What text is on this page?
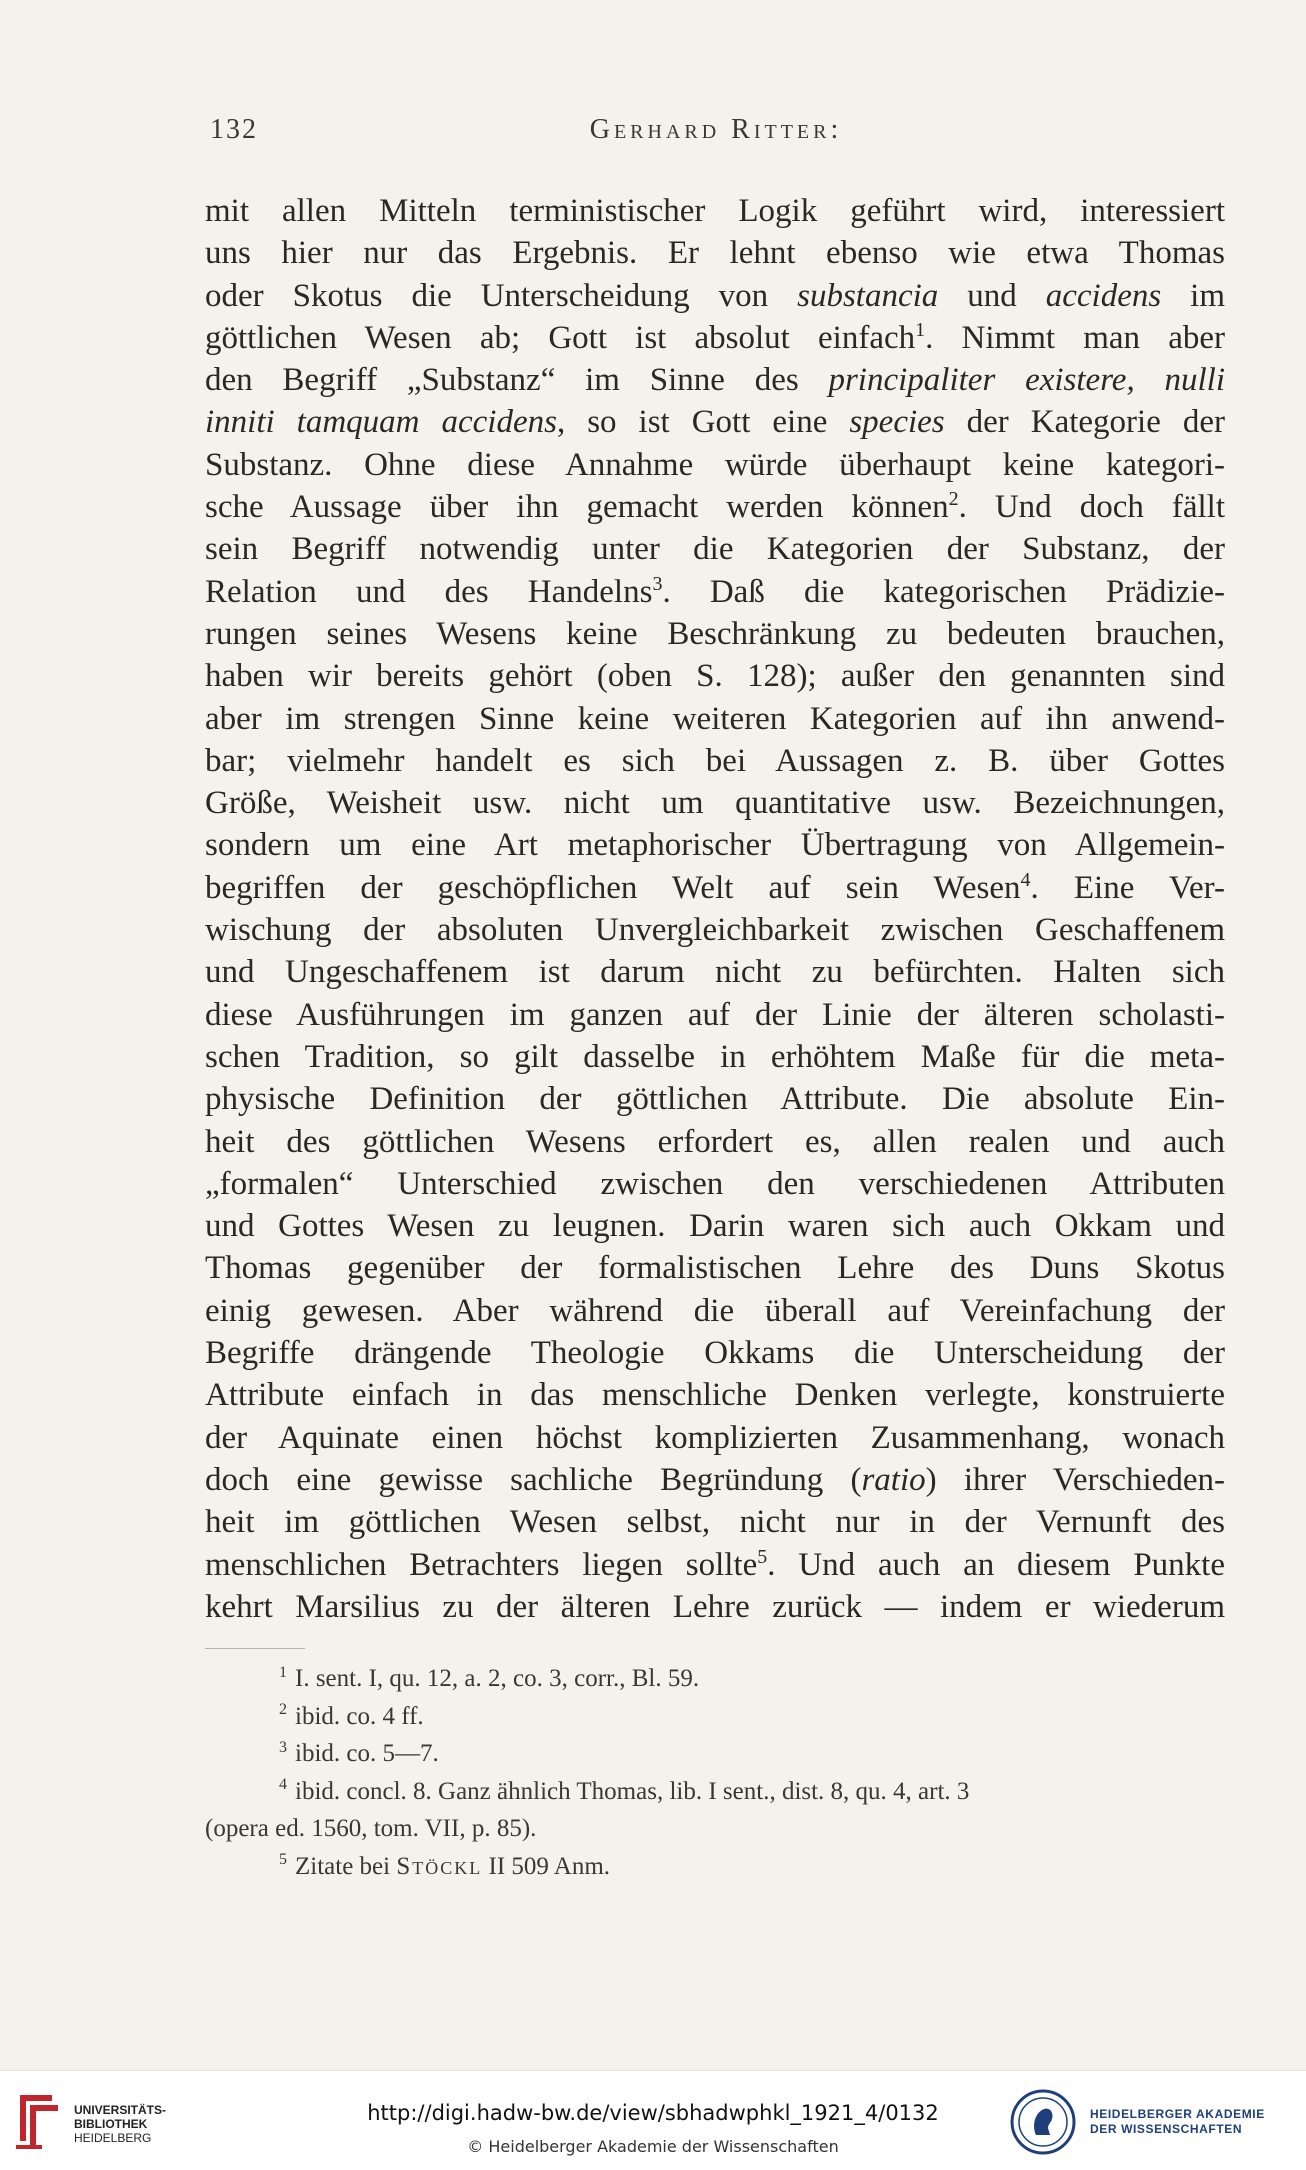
132	Gerhard Ritter:
mit allen Mitteln terministischer Logik geführt wird, interessiert
uns hier nur das Ergebnis. Er lehnt ebenso wie etwa Thomas
oder Skotus die Unterscheidung von substancia und accidens im
göttlichen Wesen ab; Gott ist absolut einfach$^1$. Nimmt man aber
den Begriff „Substanz“ im Sinne des principaliter existere, nulli
inniti tamquam accidens, so ist Gott eine species der Kategorie der
Substanz. Ohne diese Annahme würde überhaupt keine kategori-
sche Aussage über ihn gemacht werden können$^2$. Und doch fällt
sein Begriff notwendig unter die Kategorien der Substanz, der
Relation und des Handelns$^3$. Daß die kategorischen Prädizie-
rungen seines Wesens keine Beschränkung zu bedeuten brauchen,
haben wir bereits gehört (oben S. 128); außer den genannten sind
aber im strengen Sinne keine weiteren Kategorien auf ihn anwend-
bar; vielmehr handelt es sich bei Aussagen z. B. über Gottes
Größe, Weisheit usw. nicht um quantitative usw. Bezeichnungen,
sondern um eine Art metaphorischer Übertragung von Allgemein-
begriffen der geschöpflichen Welt auf sein Wesen$^4$. Eine Ver-
wischung der absoluten Unvergleichbarkeit zwischen Geschaffenem
und Ungeschaffenem ist darum nicht zu befürchten. Halten sich
diese Ausführungen im ganzen auf der Linie der älteren scholasti-
schen Tradition, so gilt dasselbe in erhöhtem Maße für die meta-
physische Definition der göttlichen Attribute. Die absolute Ein-
heit des göttlichen Wesens erfordert es, allen realen und auch
„formalen“ Unterschied zwischen den verschiedenen Attributen
und Gottes Wesen zu leugnen. Darin waren sich auch Okkam und
Thomas gegenüber der formalistischen Lehre des Duns Skotus
einig gewesen. Aber während die überall auf Vereinfachung der
Begriffe drängende Theologie Okkams die Unterscheidung der
Attribute einfach in das menschliche Denken verlegte, konstruierte
der Aquinate einen höchst komplizierten Zusammenhang, wonach
doch eine gewisse sachliche Begründung (ratio) ihrer Verschieden-
heit im göttlichen Wesen selbst, nicht nur in der Vernunft des
menschlichen Betrachters liegen sollte$^5$. Und auch an diesem Punkte
kehrt Marsilius zu der älteren Lehre zurück — indem er wiederum
$^1$ I. sent. I, qu. 12, a. 2, co. 3, corr., Bl. 59.
$^2$ ibid. co. 4 ff.
$^3$ ibid. co. 5—7.
$^4$ ibid. concl. 8. Ganz ähnlich Thomas, lib. I sent., dist. 8, qu. 4, art. 3
(opera ed. 1560, tom. VII, p. 85).
$^5$ Zitate bei Stöckl II 509 Anm.
UNIVERSITÄTS-
BIBLIOTHEK
HEIDELBERG
http://digi.hadw-bw.de/view/sbhadwphkl_1921_4/0132
© Heidelberger Akademie der Wissenschaften
HEIDELBERGER AKADEMIE
DER WISSENSCHAFTEN
